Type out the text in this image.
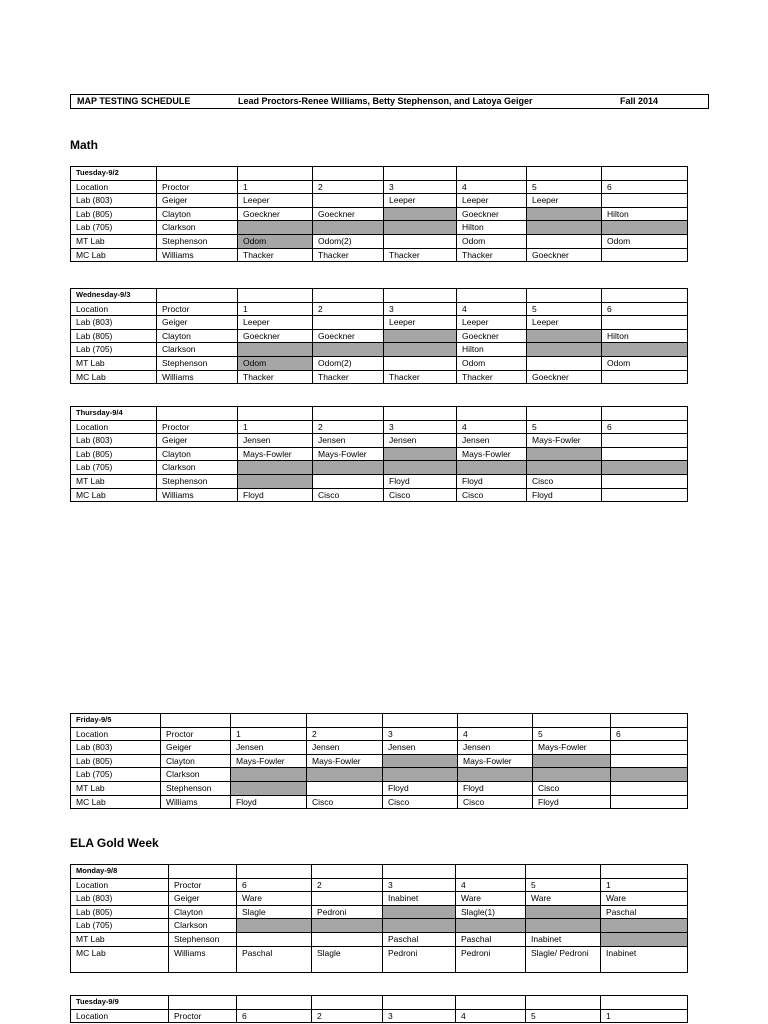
MAP TESTING SCHEDULE	Lead Proctors-Renee Williams, Betty Stephenson, and Latoya Geiger	Fall 2014
Math
ELA Gold Week
Tuesday-9/2							
Location	Proctor	1	2	3	4	5	6
Lab (803)	Geiger	Leeper		Leeper	Leeper	Leeper	
Lab (805)	Clayton	Goeckner	Goeckner		Goeckner		Hilton
Lab (705)	Clarkson				Hilton		
MT Lab	Stephenson	Odom	Odom(2)		Odom		Odom
MC Lab	Williams	Thacker	Thacker	Thacker	Thacker	Goeckner	
Wednesday-9/3							
Location	Proctor	1	2	3	4	5	6
Lab (803)	Geiger	Leeper		Leeper	Leeper	Leeper	
Lab (805)	Clayton	Goeckner	Goeckner		Goeckner		Hilton
Lab (705)	Clarkson				Hilton		
MT Lab	Stephenson	Odom	Odom(2)		Odom		Odom
MC Lab	Williams	Thacker	Thacker	Thacker	Thacker	Goeckner	
Thursday-9/4							
Location	Proctor	1	2	3	4	5	6
Lab (803)	Geiger	Jensen	Jensen	Jensen	Jensen	Mays-Fowler	
Lab (805)	Clayton	Mays-Fowler	Mays-Fowler		Mays-Fowler		
Lab (705)	Clarkson						
MT Lab	Stephenson			Floyd	Floyd	Cisco	
MC Lab	Williams	Floyd	Cisco	Cisco	Cisco	Floyd	
Friday-9/5							
Location	Proctor	1	2	3	4	5	6
Lab (803)	Geiger	Jensen	Jensen	Jensen	Jensen	Mays-Fowler	
Lab (805)	Clayton	Mays-Fowler	Mays-Fowler		Mays-Fowler		
Lab (705)	Clarkson						
MT Lab	Stephenson			Floyd	Floyd	Cisco	
MC Lab	Williams	Floyd	Cisco	Cisco	Cisco	Floyd	
Monday-9/8							
Location	Proctor	6	2	3	4	5	1
Lab (803)	Geiger	Ware		Inabinet	Ware	Ware	Ware
Lab (805)	Clayton	Slagle	Pedroni		Slagle(1)		Paschal
Lab (705)	Clarkson						
MT Lab	Stephenson			Paschal	Paschal	Inabinet	
MC Lab	Williams	Paschal	Slagle	Pedroni	Pedroni	Slagle/ Pedroni	Inabinet
Tuesday-9/9							
Location	Proctor	6	2	3	4	5	1
